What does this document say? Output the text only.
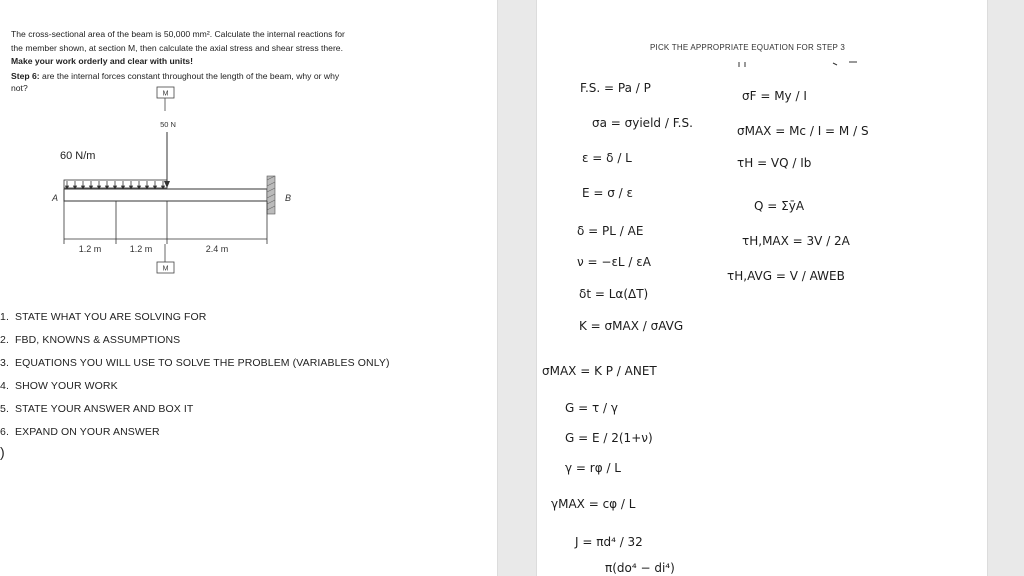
The cross-sectional area of the beam is 50,000 mm². Calculate the internal reactions for

the member shown, at section M, then calculate the axial stress and shear stress there.

Make your work orderly and clear with units!

Step 6: are the internal forces constant throughout the length of the beam, why or why
not?
M
50 N
60 N/m
A	B
1.2 m	1.2 m	2.4 m
M
1. STATE WHAT YOU ARE SOLVING FOR
2. FBD, KNOWNS & ASSUMPTIONS
3. EQUATIONS YOU WILL USE TO SOLVE THE PROBLEM (VARIABLES ONLY)
4. SHOW YOUR WORK
5. STATE YOUR ANSWER AND BOX IT
6. EXPAND ON YOUR ANSWER
)
PICK THE APPROPRIATE EQUATION FOR STEP 3
F.S. = Pa / P
σa = σyield / F.S.
ε = δ / L
E = σ / ε
δ = PL / AE
ν = −εL / εA
δt = Lα(ΔT)
K = σMAX / σAVG
σMAX = K P / ANET
G = τ / γ
G = E / 2(1+ν)
γ = rφ / L
γMAX = cφ / L
J = πd⁴ / 32
π(do⁴ − di⁴)
σF = My / I
σMAX = Mc / I = M / S
τH = VQ / Ib
Q = ΣȳA
τH,MAX = 3V / 2A
τH,AVG = V / AWEB
